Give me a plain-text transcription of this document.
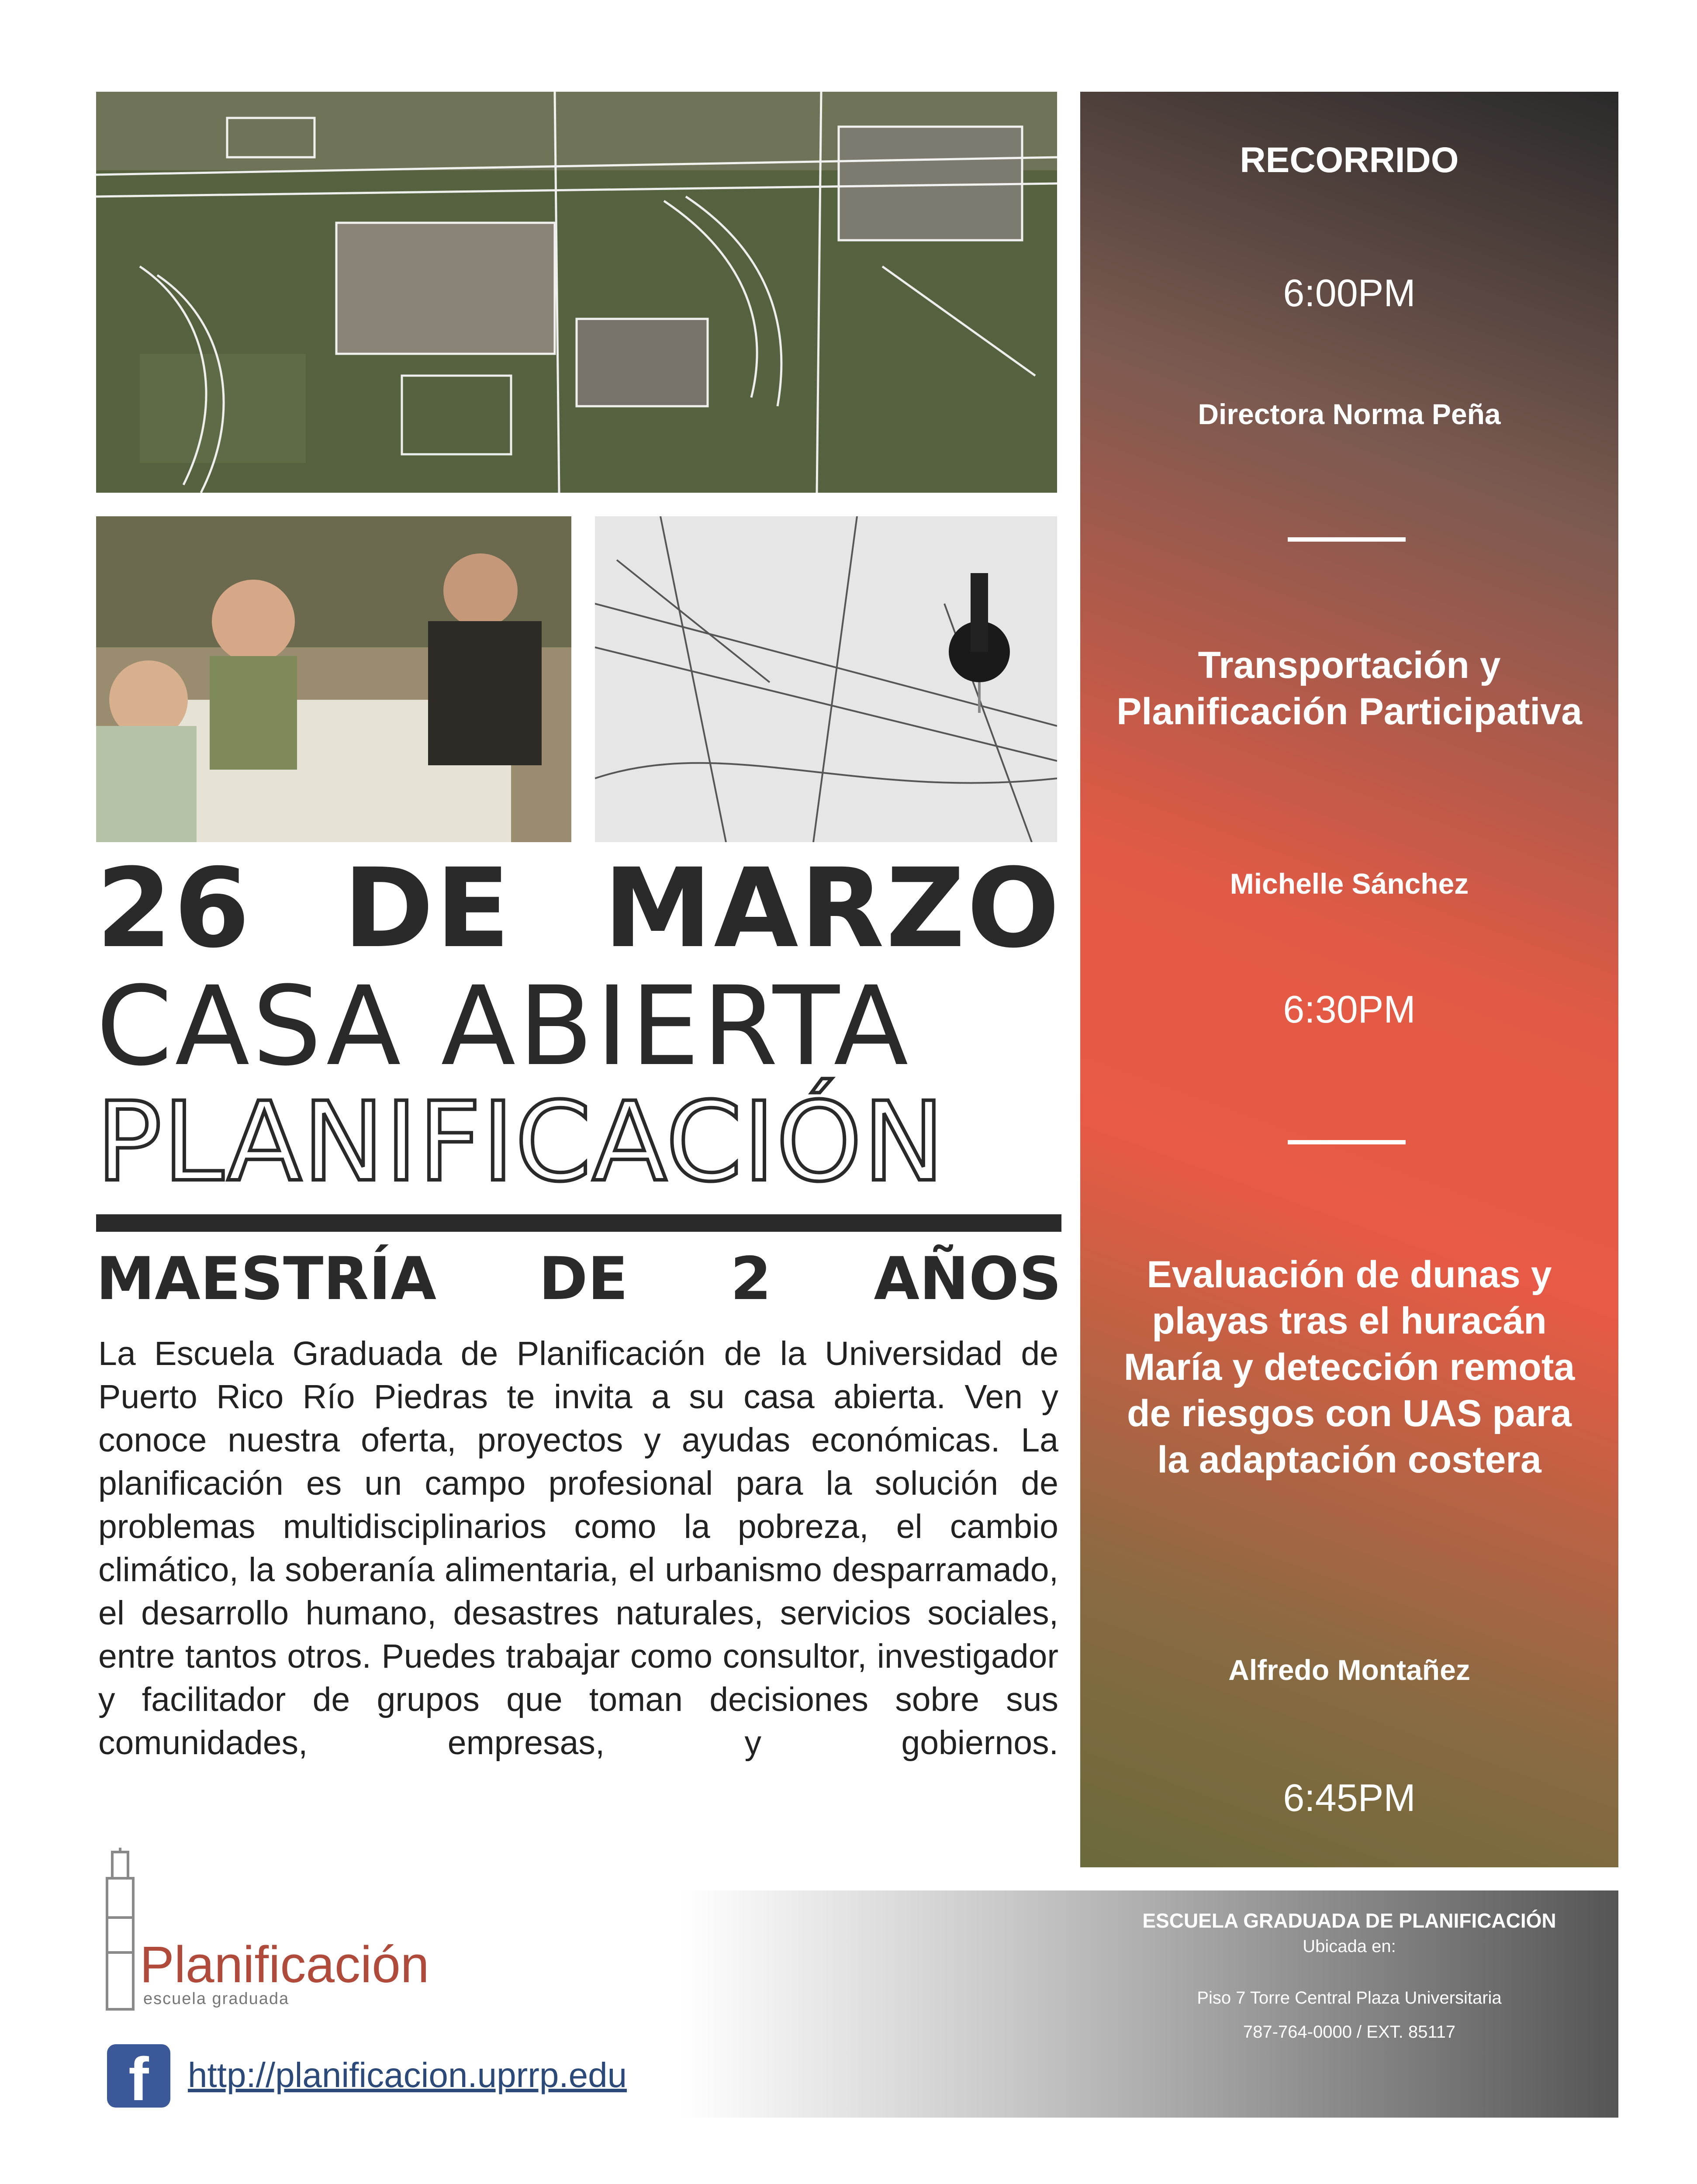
26 DE MARZO
CASA ABIERTA
PLANIFICACIÓN
MAESTRÍA DE 2 AÑOS
La Escuela Graduada de Planificación de la Universidad de Puerto Rico Río Piedras te invita a su casa abierta. Ven y conoce nuestra oferta, proyectos y ayudas económicas. La planificación es un campo profesional para la solución de problemas multidisciplinarios como la pobreza, el cambio climático, la soberanía alimentaria, el urbanismo desparramado, el desarrollo humano, desastres naturales, servicios sociales, entre tantos otros. Puedes trabajar como consultor, investigador y facilitador de grupos que toman decisiones sobre sus comunidades, empresas, y gobiernos.
RECORRIDO
6:00PM
Directora Norma Peña
Transportación y Planificación Participativa
Michelle Sánchez
6:30PM
Evaluación de dunas y playas tras el huracán María y detección remota de riesgos con UAS para la adaptación costera
Alfredo Montañez
6:45PM
ESCUELA GRADUADA DE PLANIFICACIÓN
Ubicada en:
Piso 7 Torre Central Plaza Universitaria
787-764-0000 / EXT. 85117
Planificación
escuela graduada
f	http://planificacion.uprrp.edu
